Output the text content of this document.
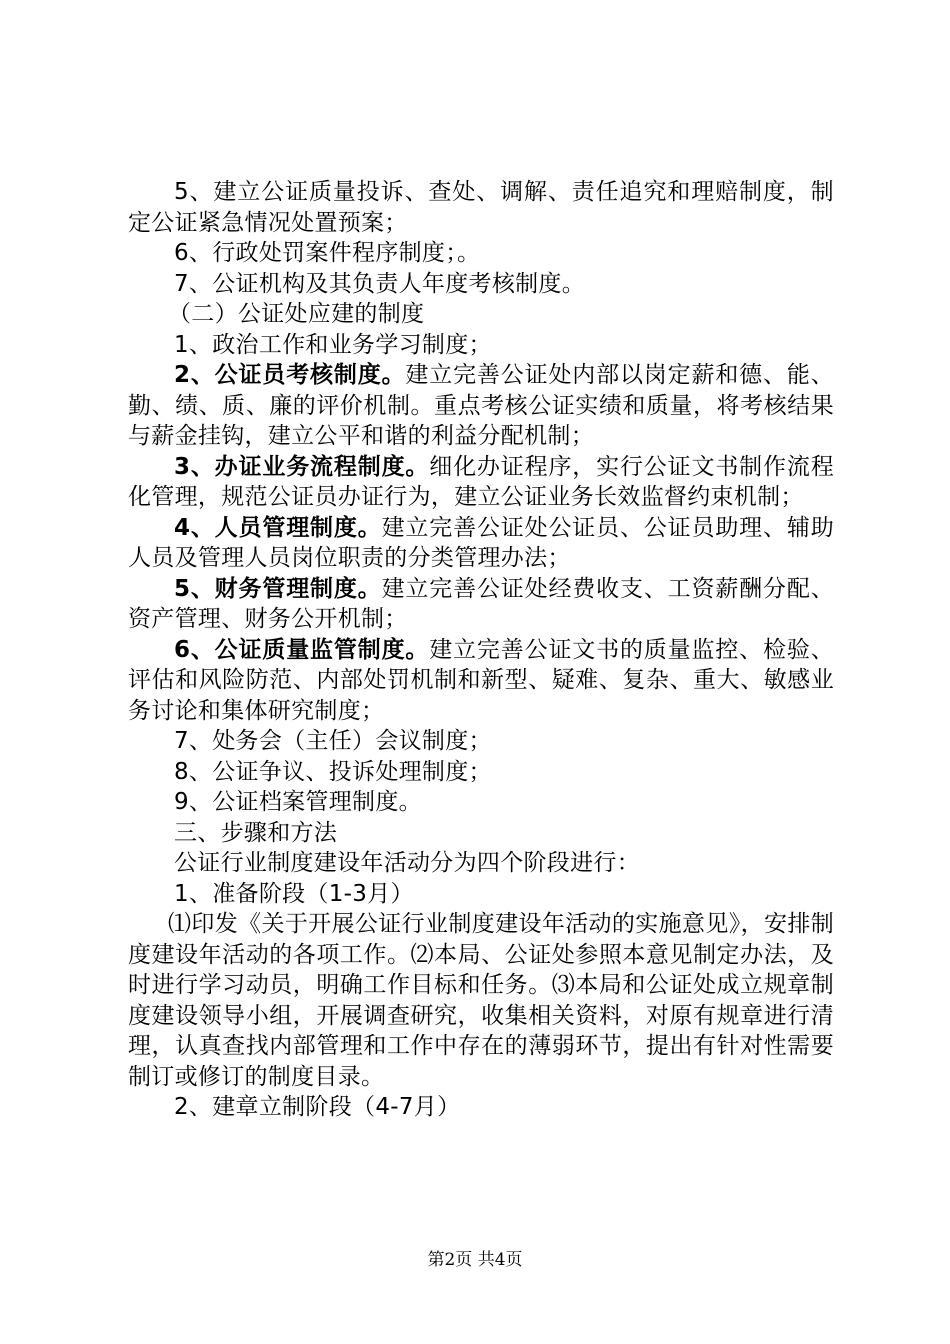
5、建立公证质量投诉、查处、调解、责任追究和理赔制度，制定公证紧急情况处置预案；

6、行政处罚案件程序制度；。

7、公证机构及其负责人年度考核制度。

（二）公证处应建的制度

1、政治工作和业务学习制度；

2、公证员考核制度。建立完善公证处内部以岗定薪和德、能、勤、绩、质、廉的评价机制。重点考核公证实绩和质量，将考核结果与薪金挂钩，建立公平和谐的利益分配机制；

3、办证业务流程制度。细化办证程序，实行公证文书制作流程化管理，规范公证员办证行为，建立公证业务长效监督约束机制；

4、人员管理制度。建立完善公证处公证员、公证员助理、辅助人员及管理人员岗位职责的分类管理办法；

5、财务管理制度。建立完善公证处经费收支、工资薪酬分配、资产管理、财务公开机制；

6、公证质量监管制度。建立完善公证文书的质量监控、检验、评估和风险防范、内部处罚机制和新型、疑难、复杂、重大、敏感业务讨论和集体研究制度；

7、处务会（主任）会议制度；

8、公证争议、投诉处理制度；

9、公证档案管理制度。

三、步骤和方法

公证行业制度建设年活动分为四个阶段进行：

1、准备阶段（1-3月）

⑴印发《关于开展公证行业制度建设年活动的实施意见》，安排制度建设年活动的各项工作。⑵本局、公证处参照本意见制定办法，及时进行学习动员，明确工作目标和任务。⑶本局和公证处成立规章制度建设领导小组，开展调查研究，收集相关资料，对原有规章进行清理，认真查找内部管理和工作中存在的薄弱环节，提出有针对性需要制订或修订的制度目录。

2、建章立制阶段（4-7月）

第2页 共4页
